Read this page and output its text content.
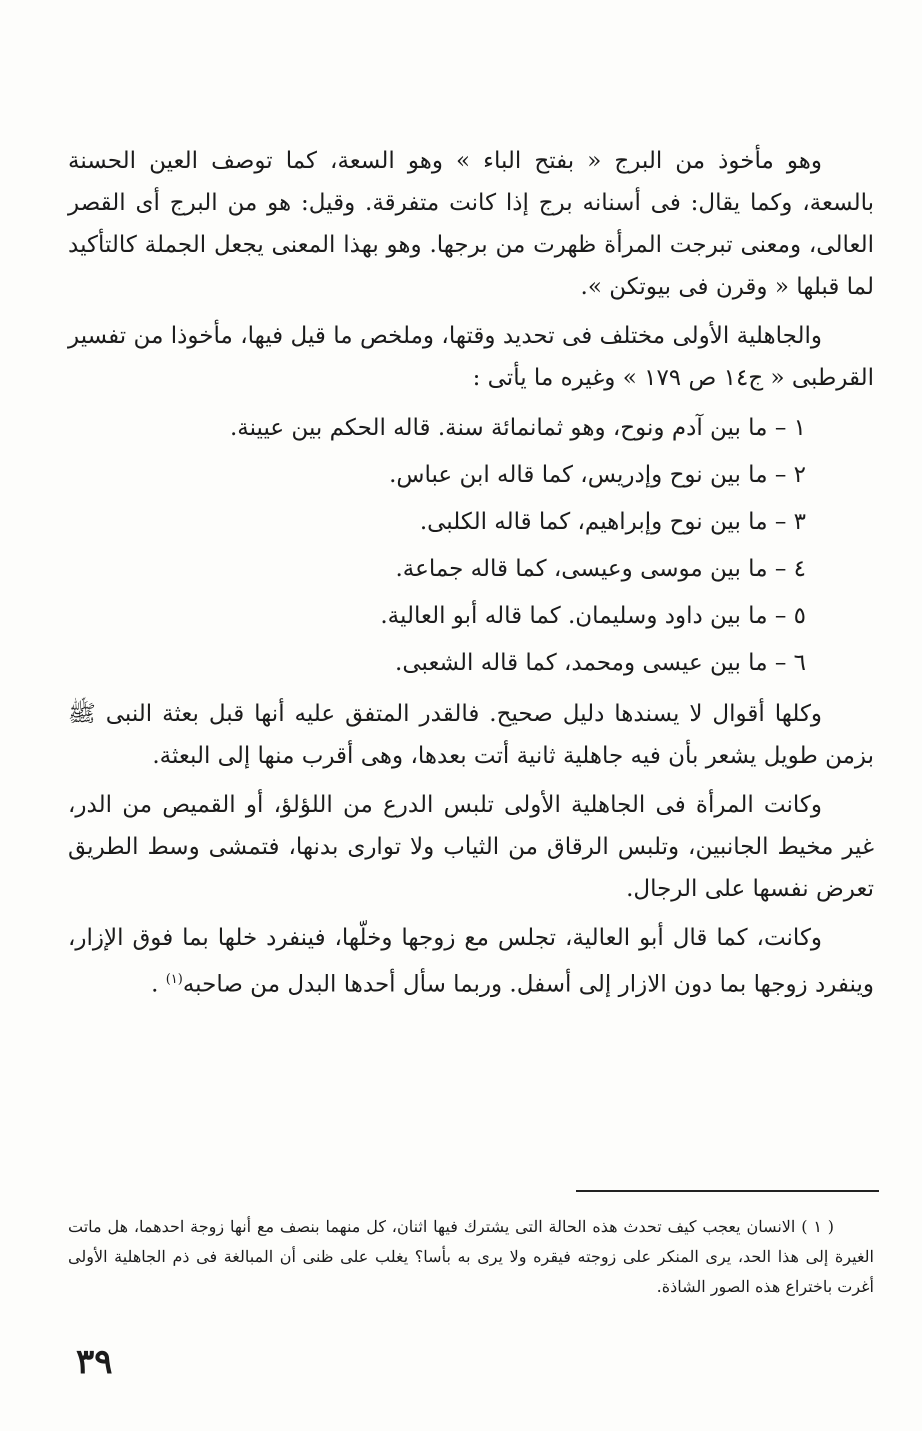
وهو مأخوذ من البرج « بفتح الباء » وهو السعة، كما توصف العين الحسنة بالسعة، وكما يقال: فى أسنانه برج إذا كانت متفرقة. وقيل: هو من البرج أى القصر العالى، ومعنى تبرجت المرأة ظهرت من برجها. وهو بهذا المعنى يجعل الجملة كالتأكيد لما قبلها « وقرن فى بيوتكن ».

والجاهلية الأولى مختلف فى تحديد وقتها، وملخص ما قيل فيها، مأخوذا من تفسير القرطبى « ج١٤ ص ١٧٩ » وغيره ما يأتى :

١ – ما بين آدم ونوح، وهو ثمانمائة سنة. قاله الحكم بين عيينة.
٢ – ما بين نوح وإدريس، كما قاله ابن عباس.
٣ – ما بين نوح وإبراهيم، كما قاله الكلبى.
٤ – ما بين موسى وعيسى، كما قاله جماعة.
٥ – ما بين داود وسليمان. كما قاله أبو العالية.
٦ – ما بين عيسى ومحمد، كما قاله الشعبى.

وكلها أقوال لا يسندها دليل صحيح. فالقدر المتفق عليه أنها قبل بعثة النبى ﷺ بزمن طويل يشعر بأن فيه جاهلية ثانية أتت بعدها، وهى أقرب منها إلى البعثة.

وكانت المرأة فى الجاهلية الأولى تلبس الدرع من اللؤلؤ، أو القميص من الدر، غير مخيط الجانبين، وتلبس الرقاق من الثياب ولا توارى بدنها، فتمشى وسط الطريق تعرض نفسها على الرجال.

وكانت، كما قال أبو العالية، تجلس مع زوجها وخلّها، فينفرد خلها بما فوق الإزار، وينفرد زوجها بما دون الازار إلى أسفل. وربما سأل أحدها البدل من صاحبه$^{(١)}$ .

( ١ ) الانسان يعجب كيف تحدث هذه الحالة التى يشترك فيها اثنان، كل منهما بنصف مع أنها زوجة احدهما، هل ماتت الغيرة إلى هذا الحد، يرى المنكر على زوجته فيقره ولا يرى به بأسا؟ يغلب على ظنى أن المبالغة فى ذم الجاهلية الأولى أغرت باختراع هذه الصور الشاذة.

٣٩
